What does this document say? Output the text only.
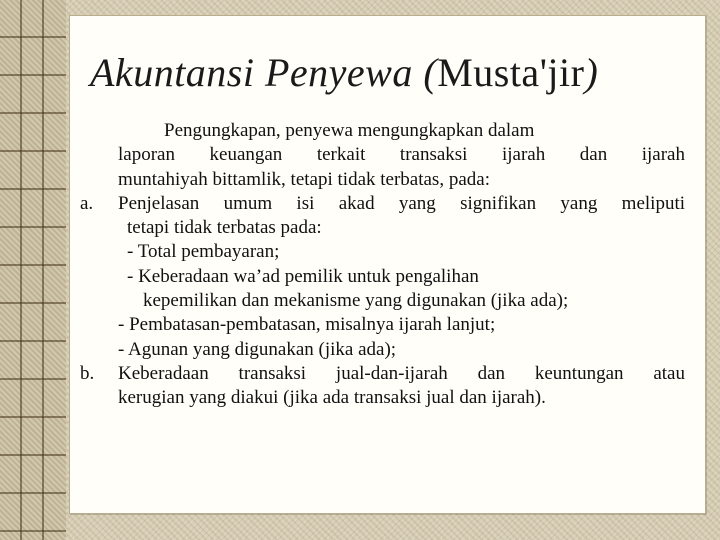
Akuntansi Penyewa (Musta'jir)
Pengungkapan, penyewa mengungkapkan dalam
laporan keuangan terkait transaksi ijarah dan ijarah
muntahiyah bittamlik, tetapi tidak terbatas, pada:
a. Penjelasan umum isi akad yang signifikan yang meliputi
tetapi tidak terbatas pada:
- Total pembayaran;
- Keberadaan wa’ad pemilik untuk pengalihan
kepemilikan dan mekanisme yang digunakan (jika ada);
- Pembatasan-pembatasan, misalnya ijarah lanjut;
- Agunan yang digunakan (jika ada);
b. Keberadaan transaksi jual-dan-ijarah dan keuntungan atau
kerugian yang diakui (jika ada transaksi jual dan ijarah).
